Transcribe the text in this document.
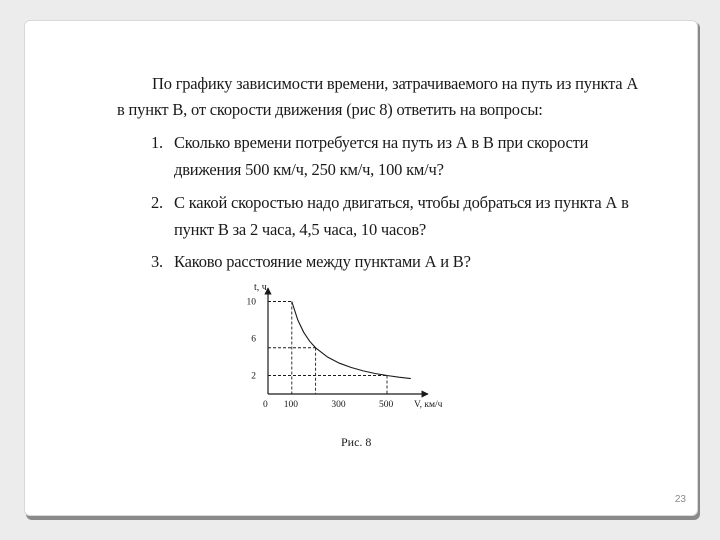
По графику зависимости времени, затрачиваемого на путь из пункта А
в пункт В, от скорости движения (рис 8) ответить на вопросы:
1. Сколько времени потребуется на путь из А в В при скорости
движения 500 км/ч, 250 км/ч, 100 км/ч?
2. С какой скоростью надо двигаться, чтобы добраться из пункта А в
пункт В за 2 часа, 4,5 часа, 10 часов?
3. Каково расстояние между пунктами А и В?
t, ч
V, км/ч
0 100	300	500
2
6
10
Рис. 8
23
